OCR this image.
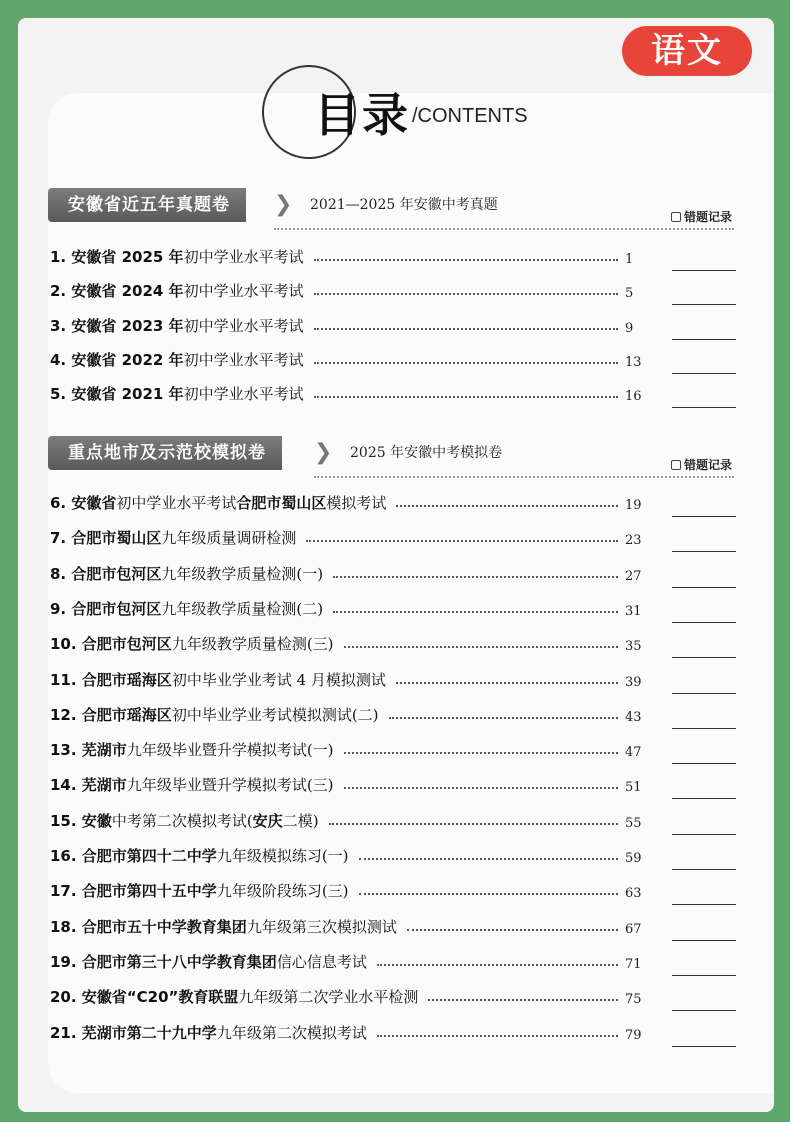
语文
目录 /CONTENTS
安徽省近五年真题卷	❯ 2021—2025 年安徽中考真题
错题记录
1. 安徽省 2025 年初中学业水平考试	1
2. 安徽省 2024 年初中学业水平考试	5
3. 安徽省 2023 年初中学业水平考试	9
4. 安徽省 2022 年初中学业水平考试	13
5. 安徽省 2021 年初中学业水平考试	16
重点地市及示范校模拟卷	❯ 2025 年安徽中考模拟卷
错题记录
6. 安徽省初中学业水平考试合肥市蜀山区模拟考试	19
7. 合肥市蜀山区九年级质量调研检测	23
8. 合肥市包河区九年级教学质量检测(一)	27
9. 合肥市包河区九年级教学质量检测(二)	31
10. 合肥市包河区九年级教学质量检测(三)	35
11. 合肥市瑶海区初中毕业学业考试 4 月模拟测试	39
12. 合肥市瑶海区初中毕业学业考试模拟测试(二)	43
13. 芜湖市九年级毕业暨升学模拟考试(一)	47
14. 芜湖市九年级毕业暨升学模拟考试(三)	51
15. 安徽中考第二次模拟考试(安庆二模)	55
16. 合肥市第四十二中学九年级模拟练习(一)	59
17. 合肥市第四十五中学九年级阶段练习(三)	63
18. 合肥市五十中学教育集团九年级第三次模拟测试	67
19. 合肥市第三十八中学教育集团信心信息考试	71
20. 安徽省“C20”教育联盟九年级第二次学业水平检测	75
21. 芜湖市第二十九中学九年级第二次模拟考试	79
